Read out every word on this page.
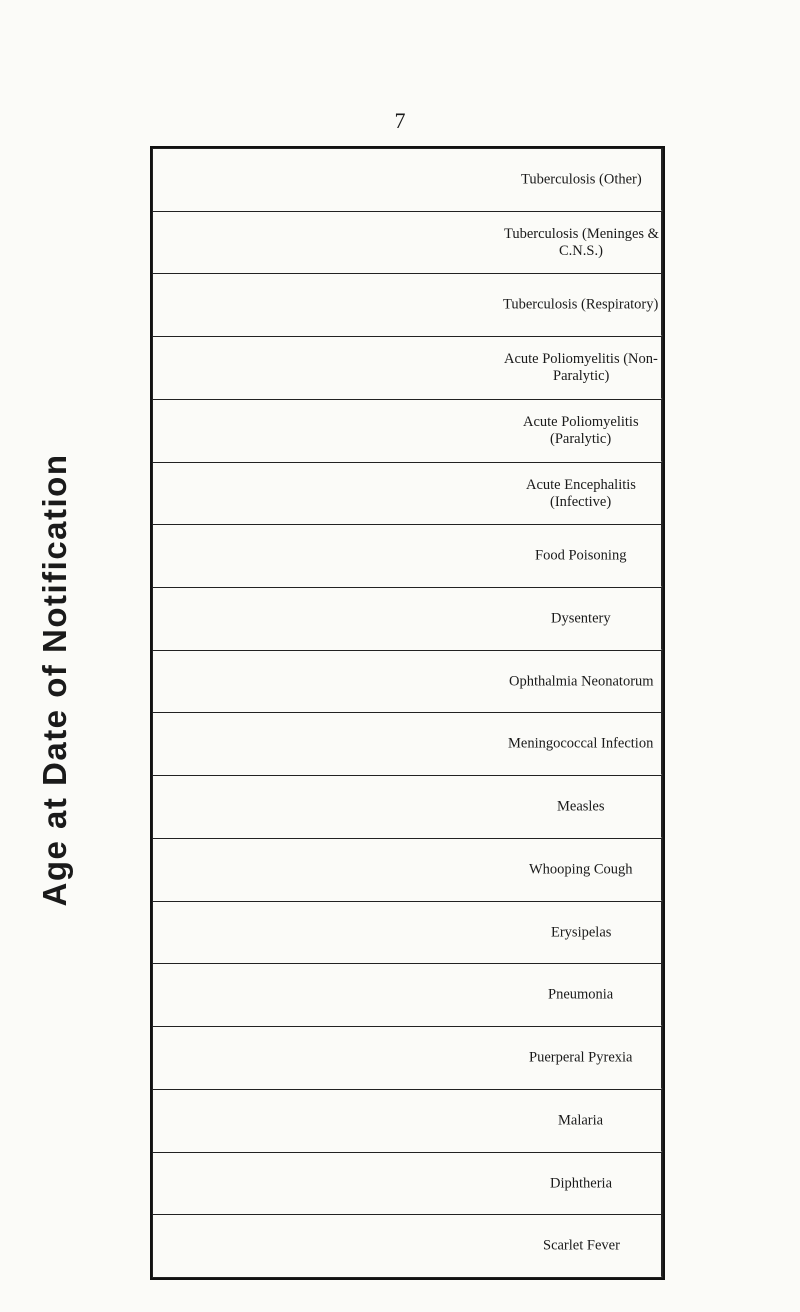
7
Age at Date of Notification
Tuberculosis (Other)

Tuberculosis (Meninges & C.N.S.)

Tuberculosis (Respiratory)

Acute Poliomyelitis (Non-Paralytic)

Acute Poliomyelitis (Paralytic)

Acute Encephalitis (Infective)

Food Poisoning

Dysentery

Ophthalmia Neonatorum

Meningococcal Infection

Measles

Whooping Cough

Erysipelas

Pneumonia

Puerperal Pyrexia

Malaria

Diphtheria

Scarlet Fever
